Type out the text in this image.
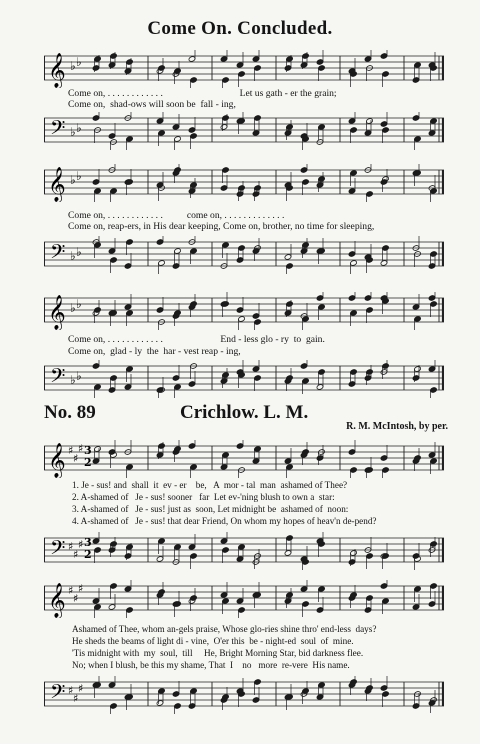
Come On. Concluded.
𝄞 ♭ ♭
Come on, . . . . . . . . . . . .                                Let us gath - er the grain;
Come on,  shad-ows will soon be  fall - ing,
𝄢 ♭ ♭
𝄞 ♭ ♭
Come on, . . . . . . . . . . . .          come on, . . . . . . . . . . . . .
Come on, reap-ers, in His dear keeping, Come on, brother, no time for sleeping,
𝄢 ♭ ♭
𝄞 ♭ ♭
Come on, . . . . . . . . . . . .                        End - less glo - ry  to  gain.
Come on,  glad - ly  the  har - vest reap - ing,
𝄢 ♭ ♭
No. 89	Crichlow. L. M.
R. M. McIntosh, by per.
𝄞 ♯
♯
♯ 3
2
1. Je - sus! and  shall  it  ev - er    be,   A  mor - tal  man  ashamed of Thee?
2. A-shamed of   Je - sus! sooner   far  Let ev-'ning blush to own a  star:
3. A-shamed of   Je - sus! just as  soon, Let midnight be  ashamed of  noon:
4. A-shamed of   Je - sus! that dear Friend, On whom my hopes of heav'n de-pend?
𝄢 ♯
♯
♯ 3
2
𝄞 ♯
♯
♯
Ashamed of Thee, whom an-gels praise, Whose glo-ries shine thro' end-less  days?
He sheds the beams of light di - vine,  O'er this  be - night-ed  soul  of  mine.
'Tis midnight with  my  soul,  till     He, Bright Morning Star, bid darkness flee.
No; when I blush, be this my shame, That  I    no   more  re-vere  His name.
𝄢 ♯
♯
♯
